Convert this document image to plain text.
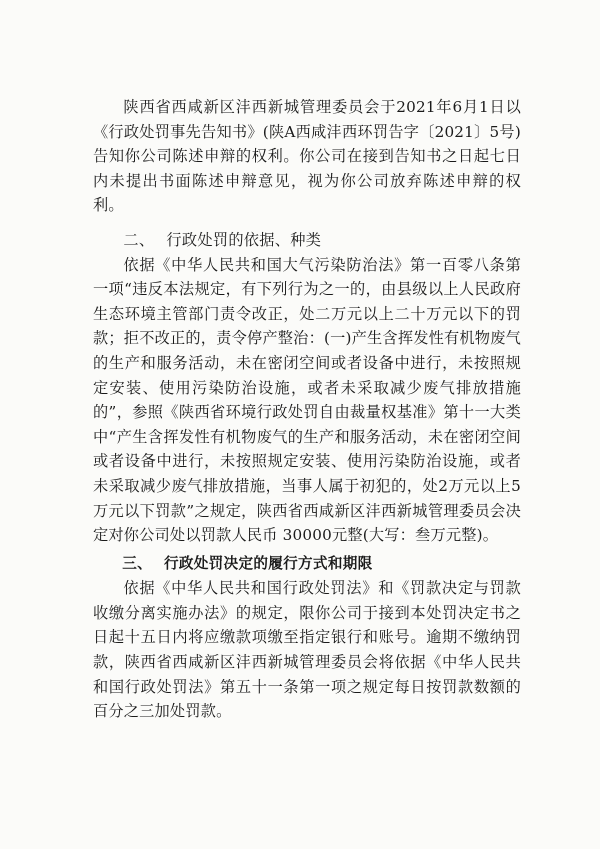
陕西省西咸新区沣西新城管理委员会于2021年6月1日以《行政处罚事先告知书》(陕A西咸沣西环罚告字〔2021〕5号)告知你公司陈述申辩的权利。你公司在接到告知书之日起七日内未提出书面陈述申辩意见，视为你公司放弃陈述申辩的权利。

二、 行政处罚的依据、种类

依据《中华人民共和国大气污染防治法》第一百零八条第一项“违反本法规定，有下列行为之一的，由县级以上人民政府生态环境主管部门责令改正，处二万元以上二十万元以下的罚款；拒不改正的，责令停产整治：(一)产生含挥发性有机物废气的生产和服务活动，未在密闭空间或者设备中进行，未按照规定安装、使用污染防治设施，或者未采取减少废气排放措施的”，参照《陕西省环境行政处罚自由裁量权基准》第十一大类中“产生含挥发性有机物废气的生产和服务活动，未在密闭空间或者设备中进行，未按照规定安装、使用污染防治设施，或者未采取减少废气排放措施，当事人属于初犯的，处2万元以上5万元以下罚款”之规定，陕西省西咸新区沣西新城管理委员会决定对你公司处以罚款人民币 30000元整(大写：叁万元整)。

三、 行政处罚决定的履行方式和期限

依据《中华人民共和国行政处罚法》和《罚款决定与罚款收缴分离实施办法》的规定，限你公司于接到本处罚决定书之日起十五日内将应缴款项缴至指定银行和账号。逾期不缴纳罚款，陕西省西咸新区沣西新城管理委员会将依据《中华人民共和国行政处罚法》第五十一条第一项之规定每日按罚款数额的百分之三加处罚款。
